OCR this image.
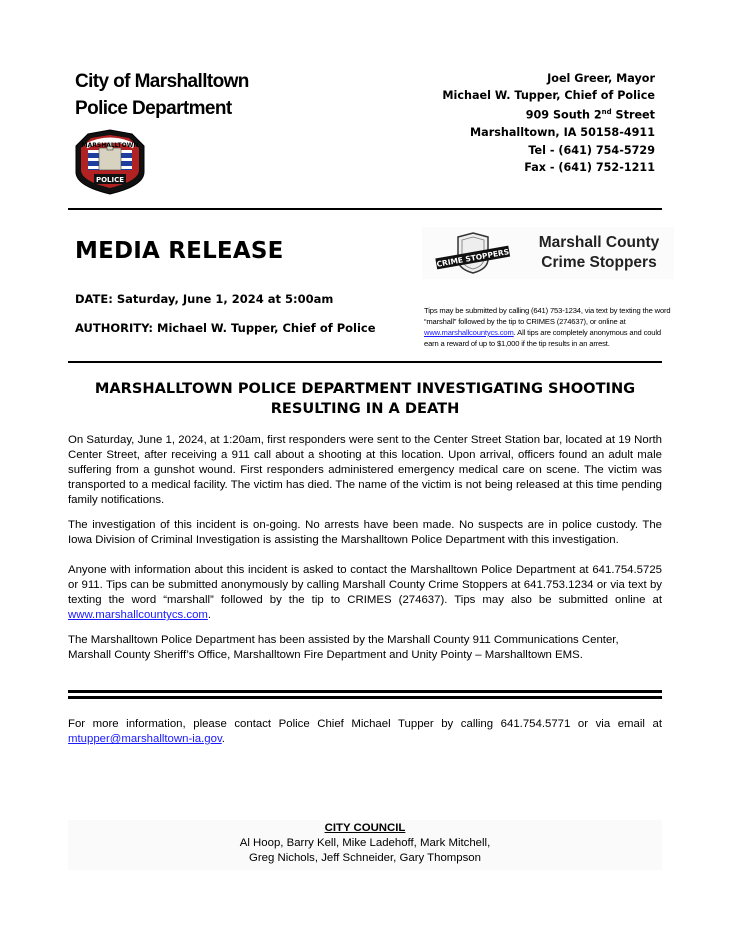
City of Marshalltown
Police Department
MARSHALLTOWN
POLICE
Joel Greer, Mayor
Michael W. Tupper, Chief of Police
909 South 2nd Street
Marshalltown, IA 50158-4911
Tel - (641) 754-5729
Fax - (641) 752-1211
MEDIA RELEASE
DATE: Saturday, June 1, 2024 at 5:00am
AUTHORITY: Michael W. Tupper, Chief of Police
CRIME STOPPERS
Marshall County
Crime Stoppers
Tips may be submitted by calling (641) 753-1234, via text by texting the word “marshall” followed by the tip to CRIMES (274637), or online at www.marshallcountycs.com. All tips are completely anonymous and could earn a reward of up to $1,000 if the tip results in an arrest.
MARSHALLTOWN POLICE DEPARTMENT INVESTIGATING SHOOTING
RESULTING IN A DEATH
On Saturday, June 1, 2024, at 1:20am, first responders were sent to the Center Street Station bar, located at 19 North Center Street, after receiving a 911 call about a shooting at this location. Upon arrival, officers found an adult male suffering from a gunshot wound. First responders administered emergency medical care on scene. The victim was transported to a medical facility. The victim has died. The name of the victim is not being released at this time pending family notifications.
The investigation of this incident is on-going. No arrests have been made. No suspects are in police custody. The Iowa Division of Criminal Investigation is assisting the Marshalltown Police Department with this investigation.
Anyone with information about this incident is asked to contact the Marshalltown Police Department at 641.754.5725 or 911. Tips can be submitted anonymously by calling Marshall County Crime Stoppers at 641.753.1234 or via text by texting the word “marshall” followed by the tip to CRIMES (274637). Tips may also be submitted online at www.marshallcountycs.com.
The Marshalltown Police Department has been assisted by the Marshall County 911 Communications Center,
Marshall County Sheriff’s Office, Marshalltown Fire Department and Unity Pointy – Marshalltown EMS.
For more information, please contact Police Chief Michael Tupper by calling 641.754.5771 or via email at mtupper@marshalltown-ia.gov.
CITY COUNCIL
Al Hoop, Barry Kell, Mike Ladehoff, Mark Mitchell,
Greg Nichols, Jeff Schneider, Gary Thompson
